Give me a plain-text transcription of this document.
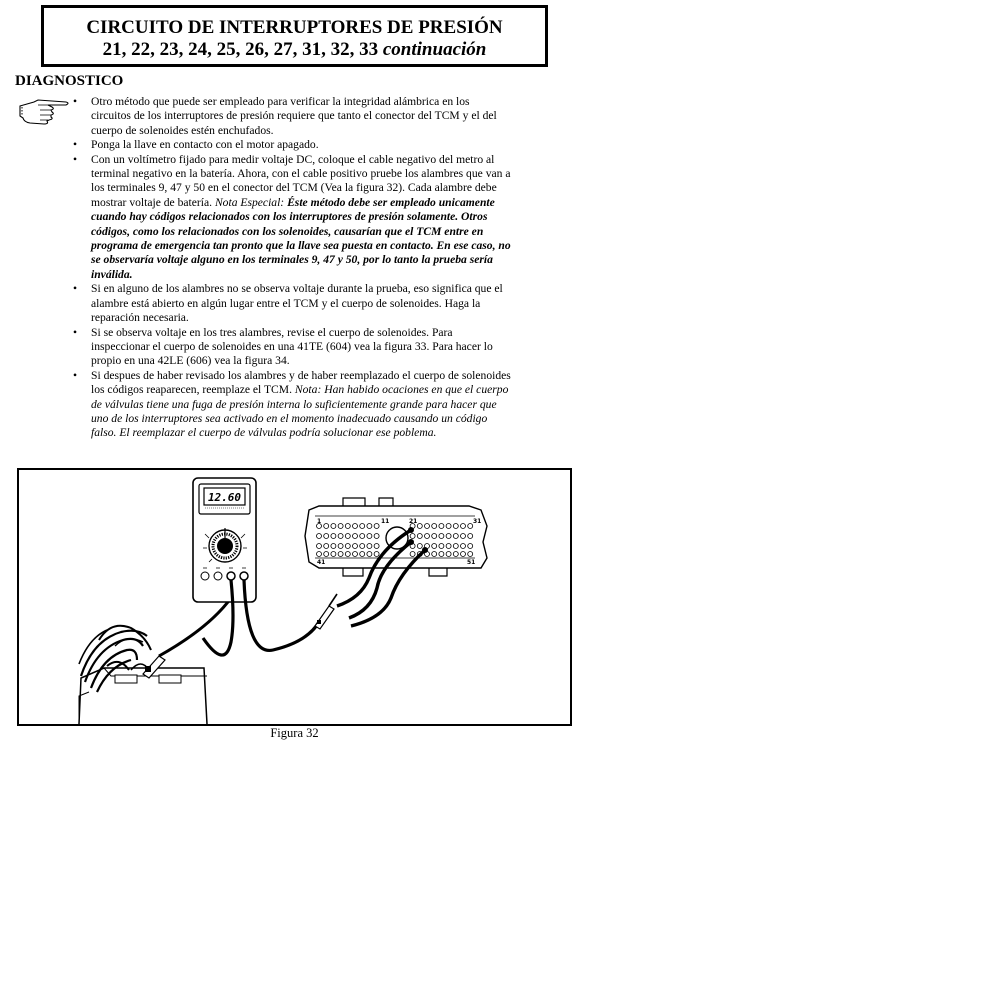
CIRCUITO DE INTERRUPTORES DE PRESIÓN
21, 22, 23, 24, 25, 26, 27, 31, 32, 33 continuación
DIAGNOSTICO
• Otro método que puede ser empleado para verificar la integridad alámbrica en los circuitos de los interruptores de presión requiere que tanto el conector del TCM y el del cuerpo de solenoides estén enchufados.
• Ponga la llave en contacto con el motor apagado.
• Con un voltímetro fijado para medir voltaje DC, coloque el cable negativo del metro al terminal negativo en la batería. Ahora, con el cable positivo pruebe los alambres que van a los terminales 9, 47 y 50 en el conector del TCM (Vea la figura 32). Cada alambre debe mostrar voltaje de batería. Nota Especial: Éste método debe ser empleado unicamente cuando hay códigos relacionados con los interruptores de presión solamente. Otros códigos, como los relacionados con los solenoides, causarían que el TCM entre en programa de emergencia tan pronto que la llave sea puesta en contacto. En ese caso, no se observaría voltaje alguno en los terminales 9, 47 y 50, por lo tanto la prueba sería inválida.
• Si en alguno de los alambres no se observa voltaje durante la prueba, eso significa que el alambre está abierto en algún lugar entre el TCM y el cuerpo de solenoides. Haga la reparación necesaria.
• Si se observa voltaje en los tres alambres, revise el cuerpo de solenoides. Para inspeccionar el cuerpo de solenoides en una 41TE (604) vea la figura 33. Para hacer lo propio en una 42LE (606) vea la figura 34.
• Si despues de haber revisado los alambres y de haber reemplazado el cuerpo de solenoides los códigos reaparecen, reemplaze el TCM. Nota: Han habido ocaciones en que el cuerpo de válvulas tiene una fuga de presión interna lo suficientemente grande para hacer que uno de los interruptores sea activado en el momento inadecuado causando un código falso. El reemplazar el cuerpo de válvulas podría solucionar ese poblema.
12.60
1	11	21	31
41	51
Figura 32
